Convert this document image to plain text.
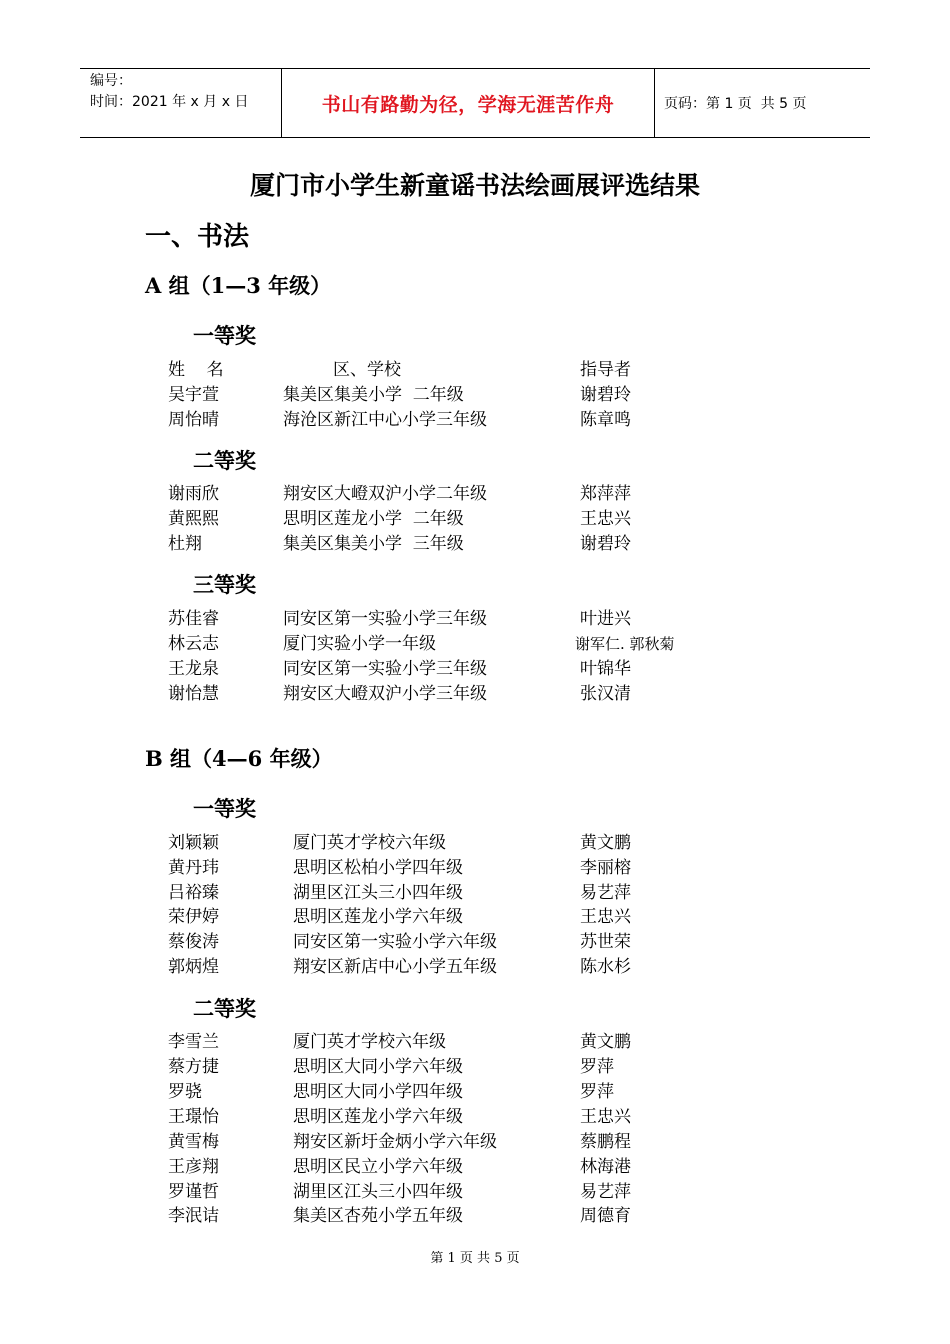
编号：
时间：2021 年 x 月 x 日	书山有路勤为径，学海无涯苦作舟	页码：第 1 页  共 5 页
厦门市小学生新童谣书法绘画展评选结果
一、书法
A 组（1—3 年级）
一等奖
姓    名	区、学校	指导者
吴宇萱	集美区集美小学  二年级	谢碧玲
周怡晴	海沧区新江中心小学三年级	陈章鸣
二等奖
谢雨欣	翔安区大嶝双沪小学二年级	郑萍萍
黄熙熙	思明区莲龙小学  二年级	王忠兴
杜翔	集美区集美小学  三年级	谢碧玲
三等奖
苏佳睿	同安区第一实验小学三年级	叶进兴
林云志	厦门实验小学一年级	谢军仁. 郭秋菊
王龙泉	同安区第一实验小学三年级	叶锦华
谢怡慧	翔安区大嶝双沪小学三年级	张汉清
B 组（4—6 年级）
一等奖
刘颖颖	厦门英才学校六年级	黄文鹏
黄丹玮	思明区松柏小学四年级	李丽榕
吕裕臻	湖里区江头三小四年级	易艺萍
荣伊婷	思明区莲龙小学六年级	王忠兴
蔡俊涛	同安区第一实验小学六年级	苏世荣
郭炳煌	翔安区新店中心小学五年级	陈水杉
二等奖
李雪兰	厦门英才学校六年级	黄文鹏
蔡方捷	思明区大同小学六年级	罗萍
罗骁	思明区大同小学四年级	罗萍
王璟怡	思明区莲龙小学六年级	王忠兴
黄雪梅	翔安区新圩金炳小学六年级	蔡鹏程
王彦翔	思明区民立小学六年级	林海港
罗谨哲	湖里区江头三小四年级	易艺萍
李泯诘	集美区杏苑小学五年级	周德育
第 1 页 共 5 页
